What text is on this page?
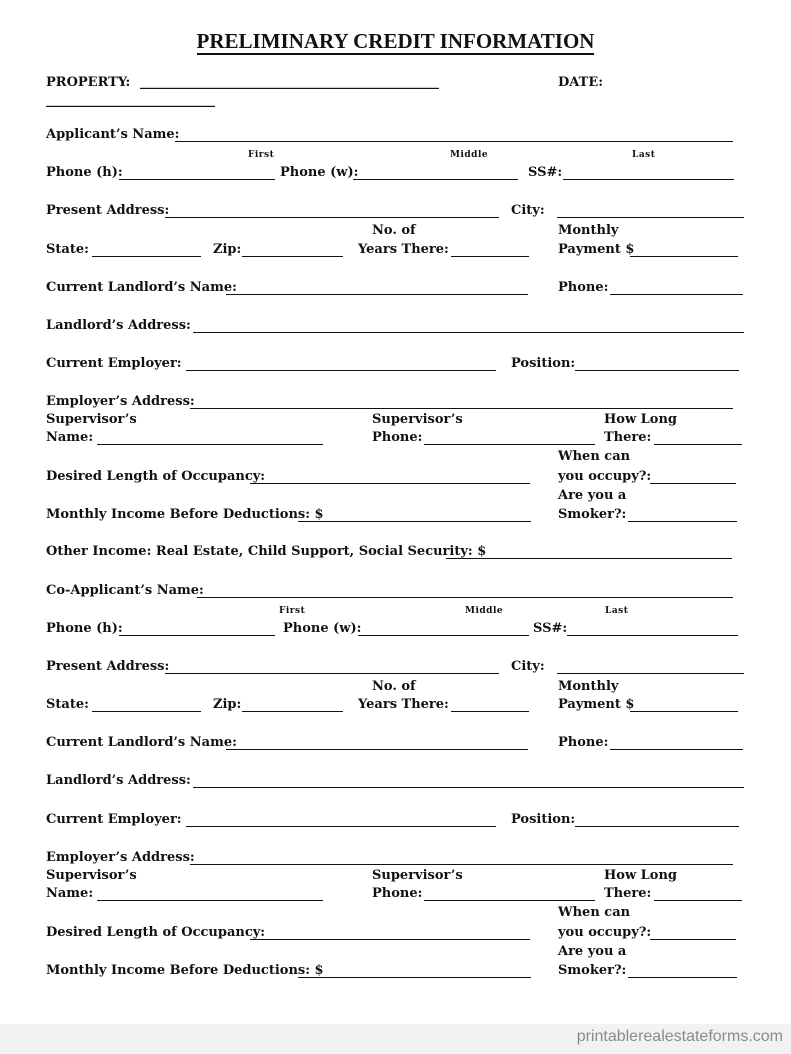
PRELIMINARY CREDIT INFORMATION
PROPERTY: ______________________________________________	DATE:
__________________________
Applicant’s Name:
First	Middle	Last
Phone (h):	Phone (w):	SS#:
Present Address:	City:
No. of	Monthly
State:	Zip:	Years There:	Payment $
Current Landlord’s Name:	Phone:
Landlord’s Address:
Current Employer:	Position:
Employer’s Address:
Supervisor’s	Supervisor’s	How Long
Name:	Phone:	There:
When can
Desired Length of Occupancy:	you occupy?:
Are you a
Monthly Income Before Deductions: $	Smoker?:
Other Income: Real Estate, Child Support, Social Security: $
Co-Applicant’s Name:
First	Middle	Last
Phone (h):	Phone (w):	SS#:
Present Address:	City:
No. of	Monthly
State:	Zip:	Years There:	Payment $
Current Landlord’s Name:	Phone:
Landlord’s Address:
Current Employer:	Position:
Employer’s Address:
Supervisor’s	Supervisor’s	How Long
Name:	Phone:	There:
When can
Desired Length of Occupancy:	you occupy?:
Are you a
Monthly Income Before Deductions: $	Smoker?:
printablerealestateforms.com
